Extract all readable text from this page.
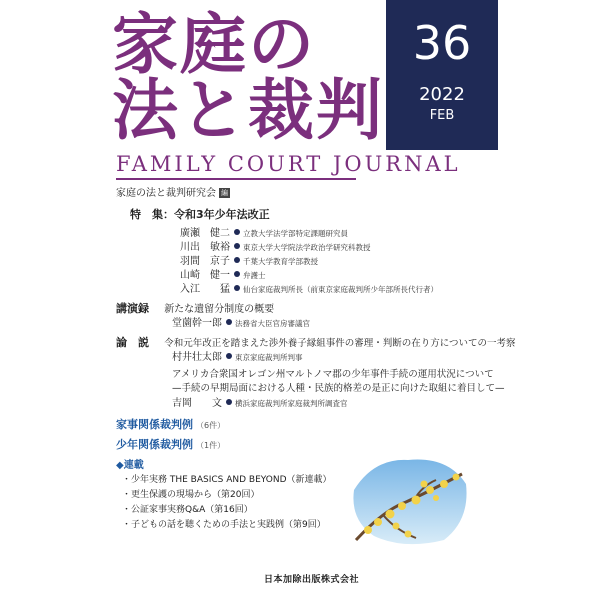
家庭の
法と裁判
FAMILY COURT JOURNAL
家庭の法と裁判研究会 編
36
2022
FEB
特　集：令和3年少年法改正
廣瀬　健二 立教大学法学部特定課題研究員
川出　敏裕 東京大学大学院法学政治学研究科教授
羽間　京子 千葉大学教育学部教授
山崎　健一 弁護士
入江　　猛 仙台家庭裁判所長（前東京家庭裁判所少年部所長代行者）
講演録 新たな遺留分制度の概要
堂薗幹一郎 法務省大臣官房審議官
論　説 令和元年改正を踏まえた渉外養子縁組事件の審理・判断の在り方についての一考察
村井壮太郎 東京家庭裁判所判事
アメリカ合衆国オレゴン州マルトノマ郡の少年事件手続の運用状況について
—手続の早期局面における人種・民族的格差の是正に向けた取組に着目して—
吉岡　　文 横浜家庭裁判所家庭裁判所調査官
家事関係裁判例 （6件）
少年関係裁判例 （1件）
◆連載
・少年実務 THE BASICS AND BEYOND（新連載）
・更生保護の現場から（第20回）
・公証家事実務Q&A（第16回）
・子どもの話を聴くための手法と実践例（第9回）
日本加除出版株式会社
